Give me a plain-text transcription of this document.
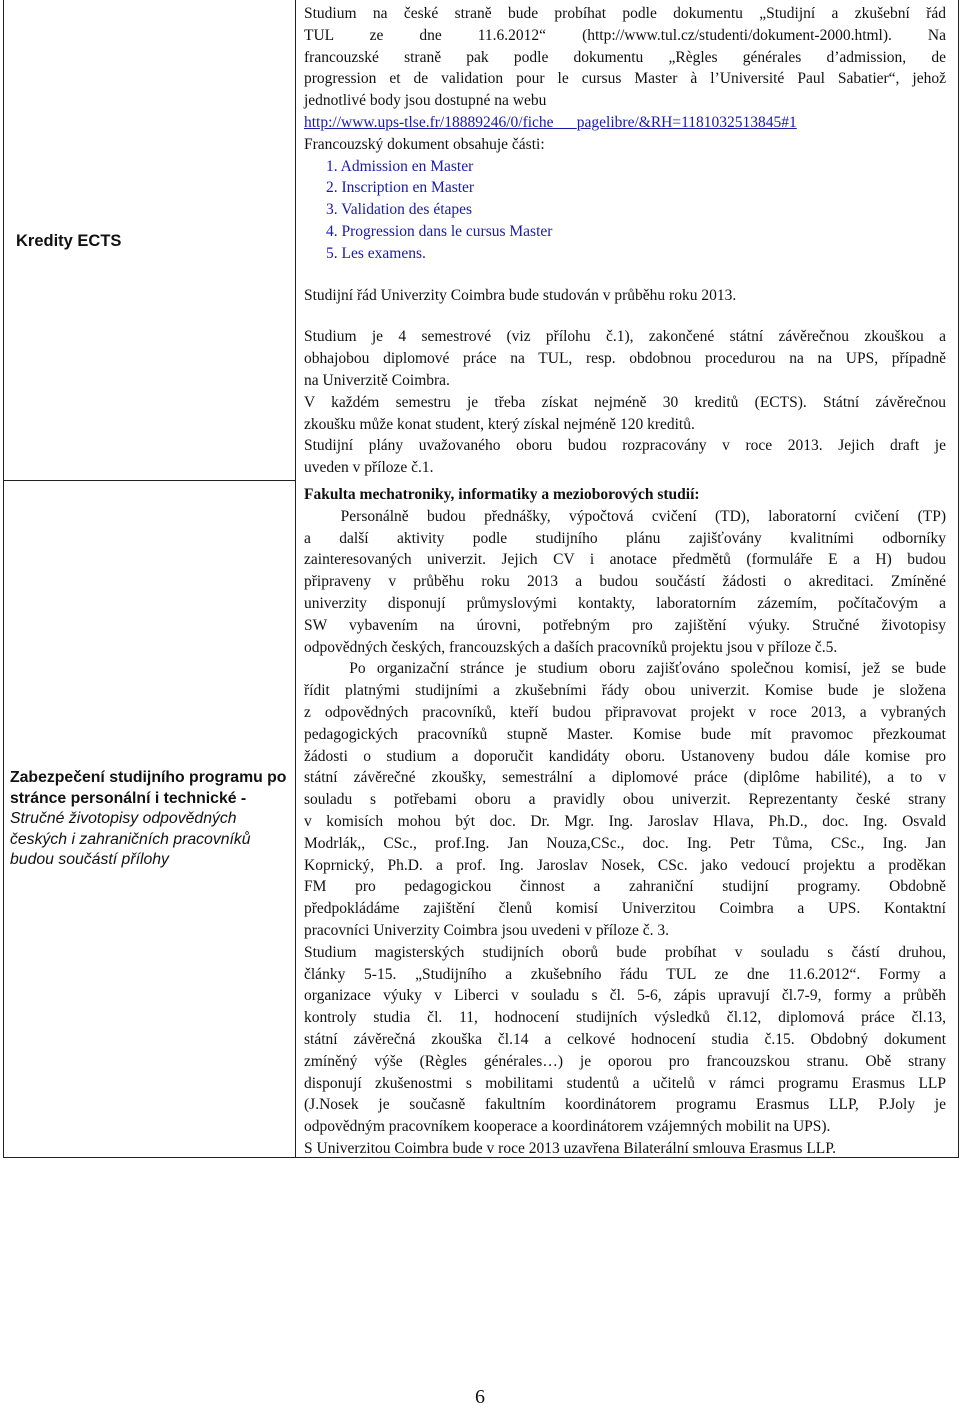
Kredity ECTS
Studium na české straně bude probíhat podle dokumentu „Studijní a zkušební řád
TUL ze dne 11.6.2012“ (http://www.tul.cz/studenti/dokument-2000.html). Na
francouzské straně pak podle dokumentu „Règles générales d’admission, de
progression et de validation pour le cursus Master à l’Université Paul Sabatier“, jehož
jednotlivé body jsou dostupné na webu
http://www.ups-tlse.fr/18889246/0/fiche___pagelibre/&RH=1181032513845#1
Francouzský dokument obsahuje části:
1. Admission en Master
2. Inscription en Master
3. Validation des étapes
4. Progression dans le cursus Master
5. Les examens.
Studijní řád Univerzity Coimbra bude studován v průběhu roku 2013.
Studium je 4 semestrové (viz přílohu č.1), zakončené státní závěrečnou zkouškou a
obhajobou diplomové práce na TUL, resp. obdobnou procedurou na na UPS, případně
na Univerzitě Coimbra.
V každém semestru je třeba získat nejméně 30 kreditů (ECTS). Státní závěrečnou
zkoušku může konat student, který získal nejméně 120 kreditů.
Studijní plány uvažovaného oboru budou rozpracovány v roce 2013. Jejich draft je
uveden v příloze č.1.
Zabezpečení studijního programu po stránce personální i technické -
Stručné životopisy odpovědných českých i zahraničních pracovníků budou součástí přílohy
Fakulta mechatroniky, informatiky a mezioborových studií:
Personálně  budou  přednášky,  výpočtová  cvičení  (TD),  laboratorní  cvičení  (TP)
a další aktivity podle studijního plánu zajišťovány kvalitními odborníky
zainteresovaných univerzit. Jejich CV i anotace předmětů (formuláře E a H) budou
připraveny v průběhu roku 2013 a budou součástí žádosti o akreditaci. Zmíněné
univerzity disponují průmyslovými kontakty, laboratorním zázemím, počítačovým a
SW vybavením na úrovni, potřebným pro zajištění výuky. Stručné životopisy
odpovědných českých, francouzských a daších pracovníků projektu jsou v příloze č.5.
Po organizační stránce je studium oboru zajišťováno společnou komisí, jež se bude
řídit platnými studijními a zkušebními řády obou univerzit. Komise bude je složena
z odpovědných pracovníků, kteří budou připravovat projekt v roce 2013, a vybraných
pedagogických pracovníků stupně Master. Komise bude mít pravomoc přezkoumat
žádosti o studium a doporučit kandidáty oboru. Ustanoveny budou dále komise pro
státní závěrečné zkoušky, semestrální a diplomové práce (diplôme habilité), a to v
souladu s potřebami oboru a pravidly obou univerzit. Reprezentanty české strany
v komisích mohou být doc. Dr. Mgr. Ing. Jaroslav Hlava, Ph.D., doc. Ing. Osvald
Modrlák,, CSc., prof.Ing. Jan Nouza,CSc., doc. Ing. Petr Tůma, CSc., Ing. Jan
Koprnický, Ph.D. a prof. Ing. Jaroslav Nosek, CSc. jako vedoucí projektu a proděkan
FM pro pedagogickou činnost a zahraniční studijní programy. Obdobně
předpokládáme zajištění členů komisí Univerzitou Coimbra a UPS. Kontaktní
pracovníci Univerzity Coimbra jsou uvedeni v příloze č. 3.
Studium magisterských studijních oborů bude probíhat v souladu s částí druhou,
články 5-15. „Studijního a zkušebního řádu TUL ze dne 11.6.2012“. Formy a
organizace výuky v Liberci v souladu s čl. 5-6, zápis upravují čl.7-9, formy a průběh
kontroly studia čl. 11, hodnocení studijních výsledků čl.12, diplomová práce čl.13,
státní závěrečná zkouška čl.14 a celkové hodnocení studia č.15. Obdobný dokument
zmíněný výše (Règles générales…) je oporou pro francouzskou stranu. Obě strany
disponují zkušenostmi s mobilitami studentů a učitelů v rámci programu Erasmus LLP
(J.Nosek je současně fakultním koordinátorem programu Erasmus LLP, P.Joly je
odpovědným pracovníkem kooperace a koordinátorem vzájemných mobilit na UPS).
S Univerzitou Coimbra bude v roce 2013 uzavřena Bilaterální smlouva Erasmus LLP.
6
